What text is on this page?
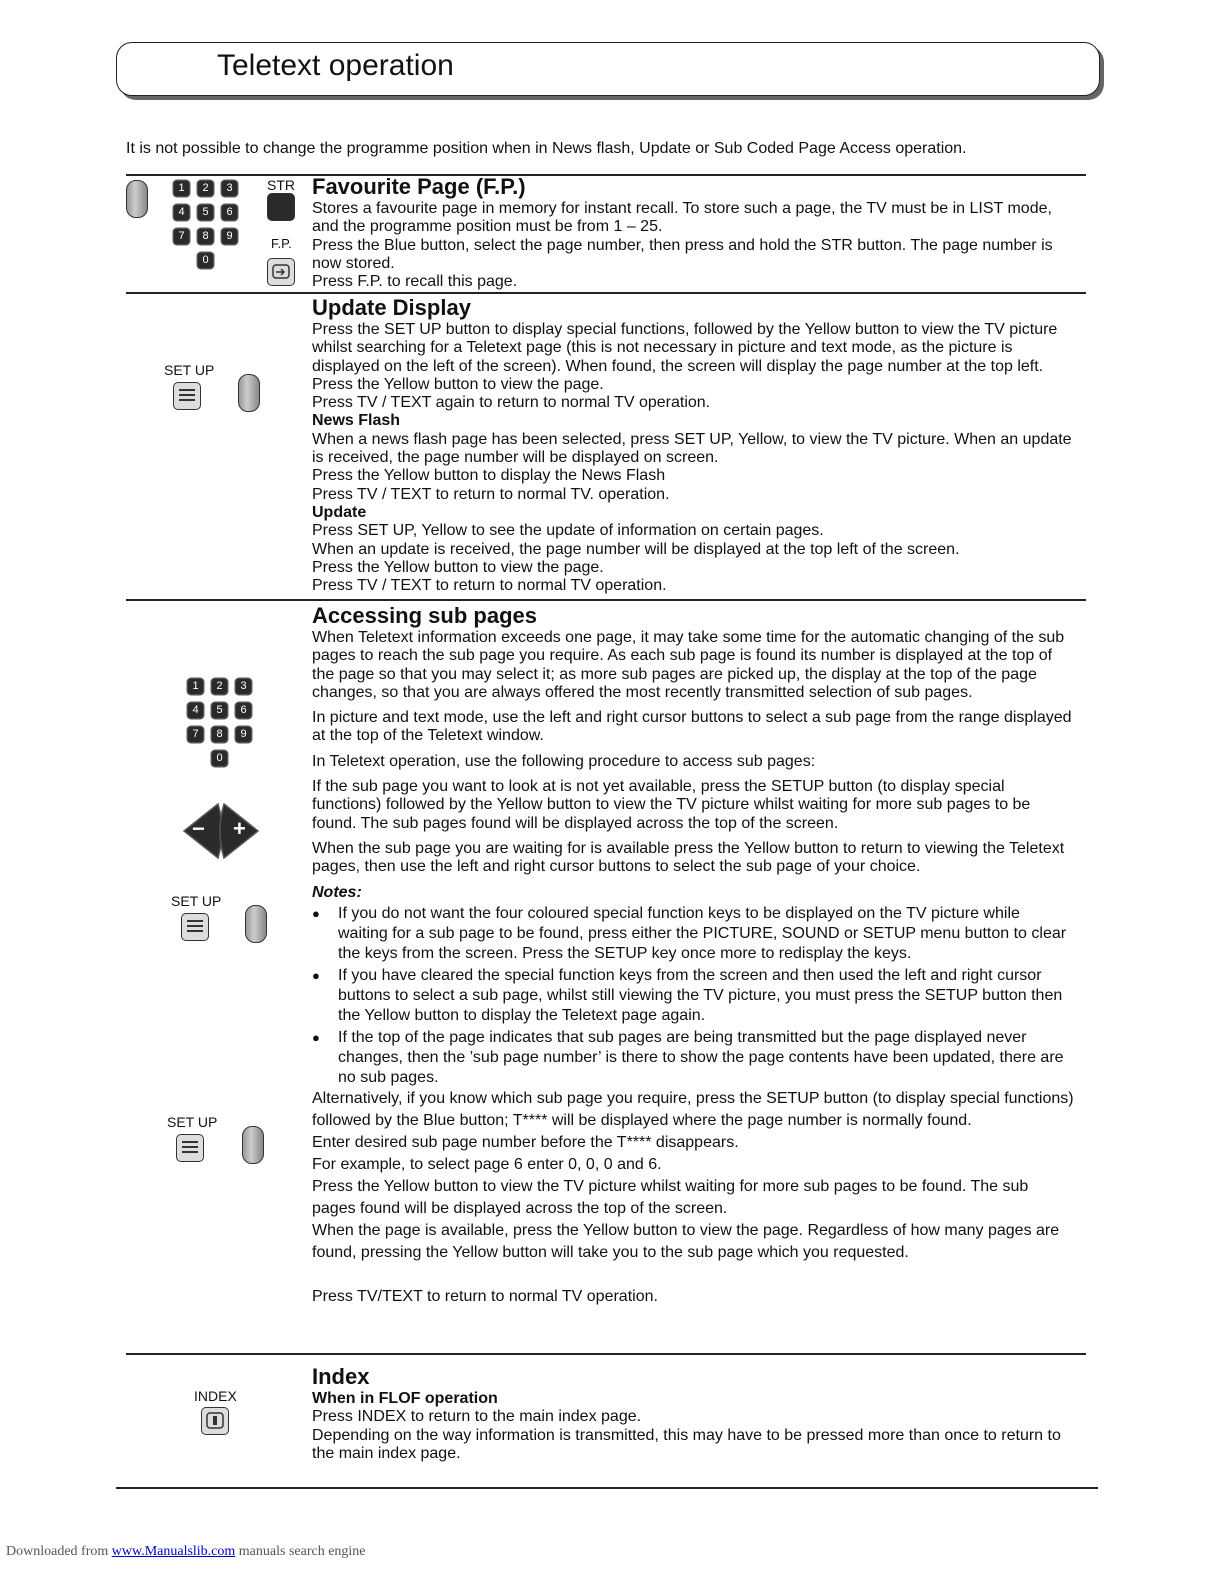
Teletext operation
It is not possible to change the programme position when in News flash, Update or Sub Coded Page Access operation.
1	2	3
4	5	6
7	8	9
0
STR
F.P.
Favourite Page (F.P.)

Stores a favourite page in memory for instant recall. To store such a page, the TV must be in LIST mode, and the programme position must be from 1 – 25.

Press the Blue button, select the page number, then press and hold the STR button. The page number is now stored.

Press F.P. to recall this page.

SET UP
Update Display

Press the SET UP button to display special functions, followed by the Yellow button to view the TV picture whilst searching for a Teletext page (this is not necessary in picture and text mode, as the picture is displayed on the left of the screen). When found, the screen will display the page number at the top left. Press the Yellow button to view the page.

Press TV / TEXT again to return to normal TV operation.

News Flash

When a news flash page has been selected, press SET UP, Yellow, to view the TV picture. When an update is received, the page number will be displayed on screen.

Press the Yellow button to display the News Flash

Press TV / TEXT to return to normal TV. operation.

Update

Press SET UP, Yellow to see the update of information on certain pages.

When an update is received, the page number will be displayed at the top left of the screen.

Press the Yellow button to view the page.

Press TV / TEXT to return to normal TV operation.

1	2	3
4	5	6
7	8	9
0
− +
SET UP
SET UP
Accessing sub pages

When Teletext information exceeds one page, it may take some time for the automatic changing of the sub pages to reach the sub page you require. As each sub page is found its number is displayed at the top of the page so that you may select it; as more sub pages are picked up, the display at the top of the page changes, so that you are always offered the most recently transmitted selection of sub pages.

In picture and text mode, use the left and right cursor buttons to select a sub page from the range displayed at the top of the Teletext window.

In Teletext operation, use the following procedure to access sub pages:

If the sub page you want to look at is not yet available, press the SETUP button (to display special functions) followed by the Yellow button to view the TV picture whilst waiting for more sub pages to be found. The sub pages found will be displayed across the top of the screen.

When the sub page you are waiting for is available press the Yellow button to return to viewing the Teletext pages, then use the left and right cursor buttons to select the sub page of your choice.

Notes:

● If you do not want the four coloured special function keys to be displayed on the TV picture while waiting for a sub page to be found, press either the PICTURE, SOUND or SETUP menu button to clear the keys from the screen. Press the SETUP key once more to redisplay the keys.
● If you have cleared the special function keys from the screen and then used the left and right cursor buttons to select a sub page, whilst still viewing the TV picture, you must press the SETUP button then the Yellow button to display the Teletext page again.
● If the top of the page indicates that sub pages are being transmitted but the page displayed never changes, then the ’sub page number’ is there to show the page contents have been updated, there are no sub pages.

Alternatively, if you know which sub page you require, press the SETUP button (to display special functions) followed by the Blue button; T**** will be displayed where the page number is normally found.

Enter desired sub page number before the T**** disappears.

For example, to select page 6 enter 0, 0, 0 and 6.

Press the Yellow button to view the TV picture whilst waiting for more sub pages to be found. The sub pages found will be displayed across the top of the screen.

When the page is available, press the Yellow button to view the page. Regardless of how many pages are found, pressing the Yellow button will take you to the sub page which you requested.

Press TV/TEXT to return to normal TV operation.

INDEX
Index

When in FLOF operation

Press INDEX to return to the main index page.

Depending on the way information is transmitted, this may have to be pressed more than once to return to the main index page.

Downloaded from www.Manualslib.com manuals search engine
